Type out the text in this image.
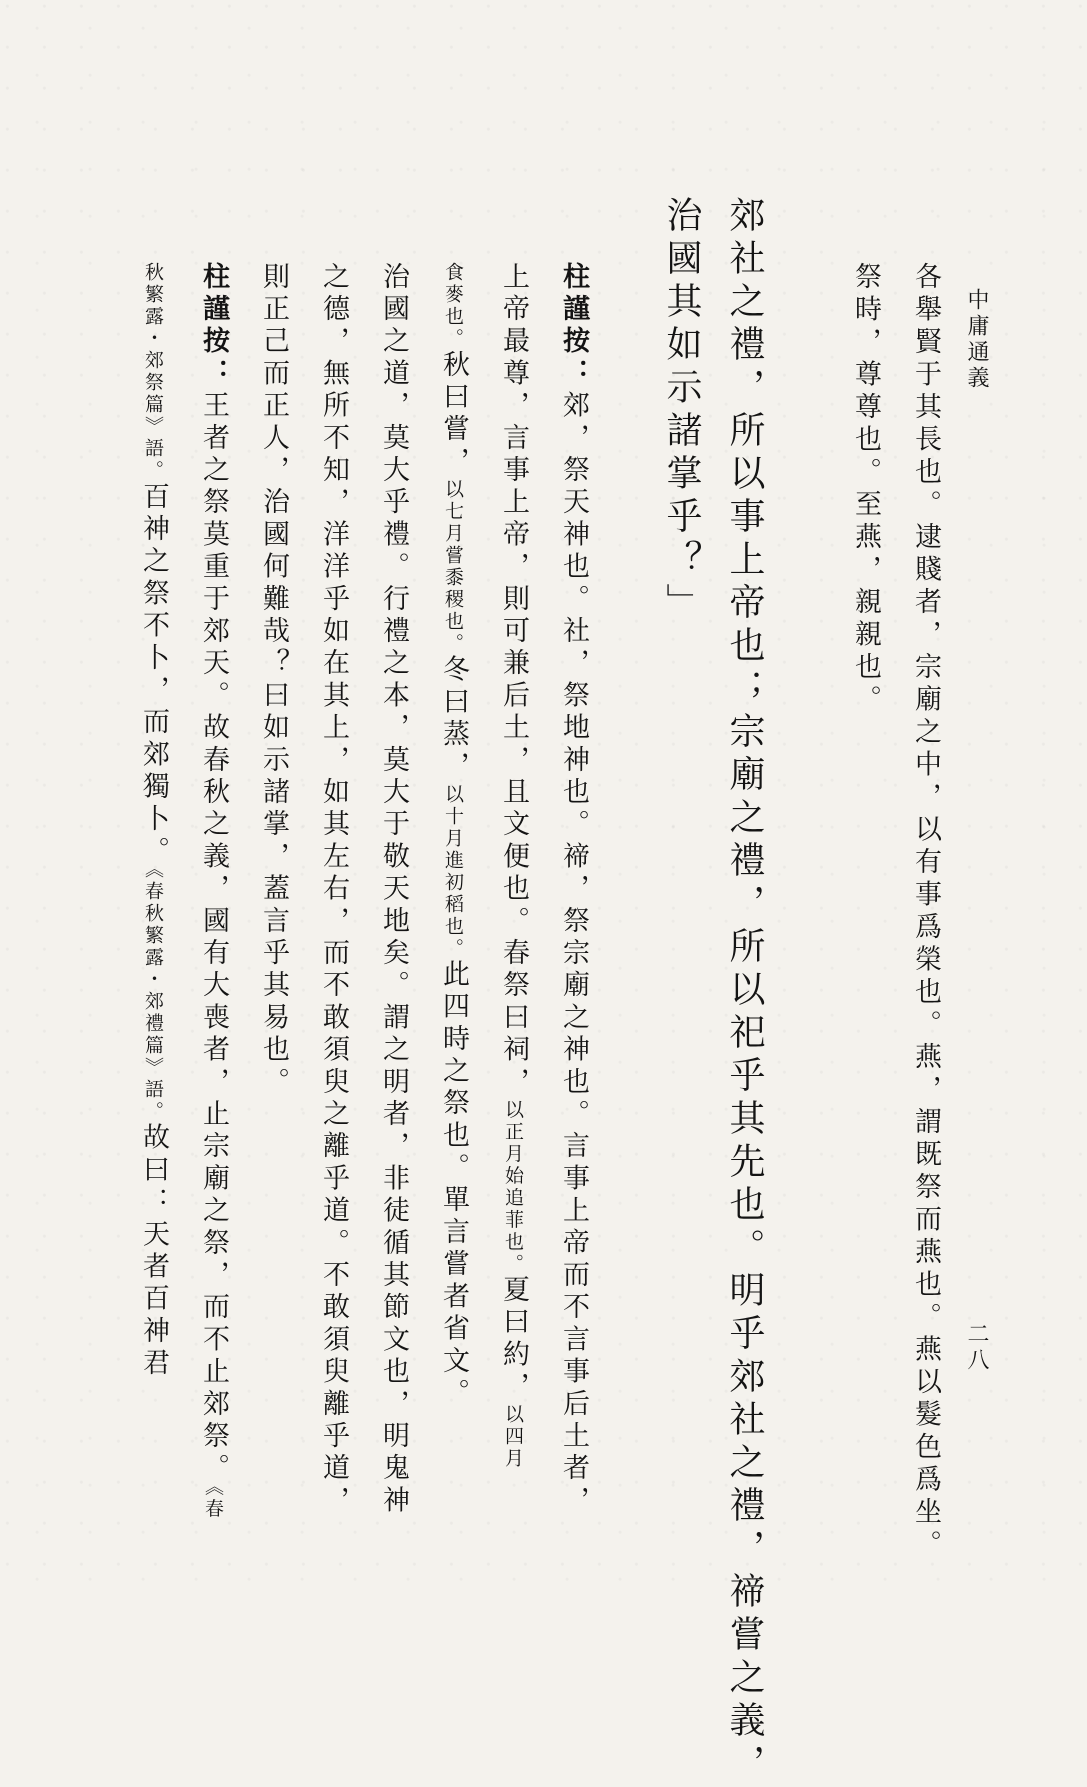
中庸通義
二八
各舉賢于其長也。逮賤者，宗廟之中，以有事爲榮也。燕，謂既祭而燕也。燕以髮色爲坐。
祭時，尊尊也。至燕，親親也。
郊社之禮，所以事上帝也；宗廟之禮，所以祀乎其先也。明乎郊社之禮，禘嘗之義，
治國其如示諸掌乎？」
柱謹按：郊，祭天神也。社，祭地神也。禘，祭宗廟之神也。言事上帝而不言事后土者，
上帝最尊，言事上帝，則可兼后土，且文便也。春祭曰祠，以正月始追菲也。夏曰約，以四月
食麥也。秋曰嘗，以七月嘗黍稷也。冬曰蒸，以十月進初稻也。此四時之祭也。單言嘗者省文。
治國之道，莫大乎禮。行禮之本，莫大于敬天地矣。謂之明者，非徒循其節文也，明鬼神
之德，無所不知，洋洋乎如在其上，如其左右，而不敢須臾之離乎道。不敢須臾離乎道，
則正己而正人，治國何難哉？曰如示諸掌，蓋言乎其易也。
柱謹按：王者之祭莫重于郊天。故春秋之義，國有大喪者，止宗廟之祭，而不止郊祭。《春
秋繁露・郊祭篇》語。百神之祭不卜，而郊獨卜。《春秋繁露・郊禮篇》語。故曰：天者百神君
